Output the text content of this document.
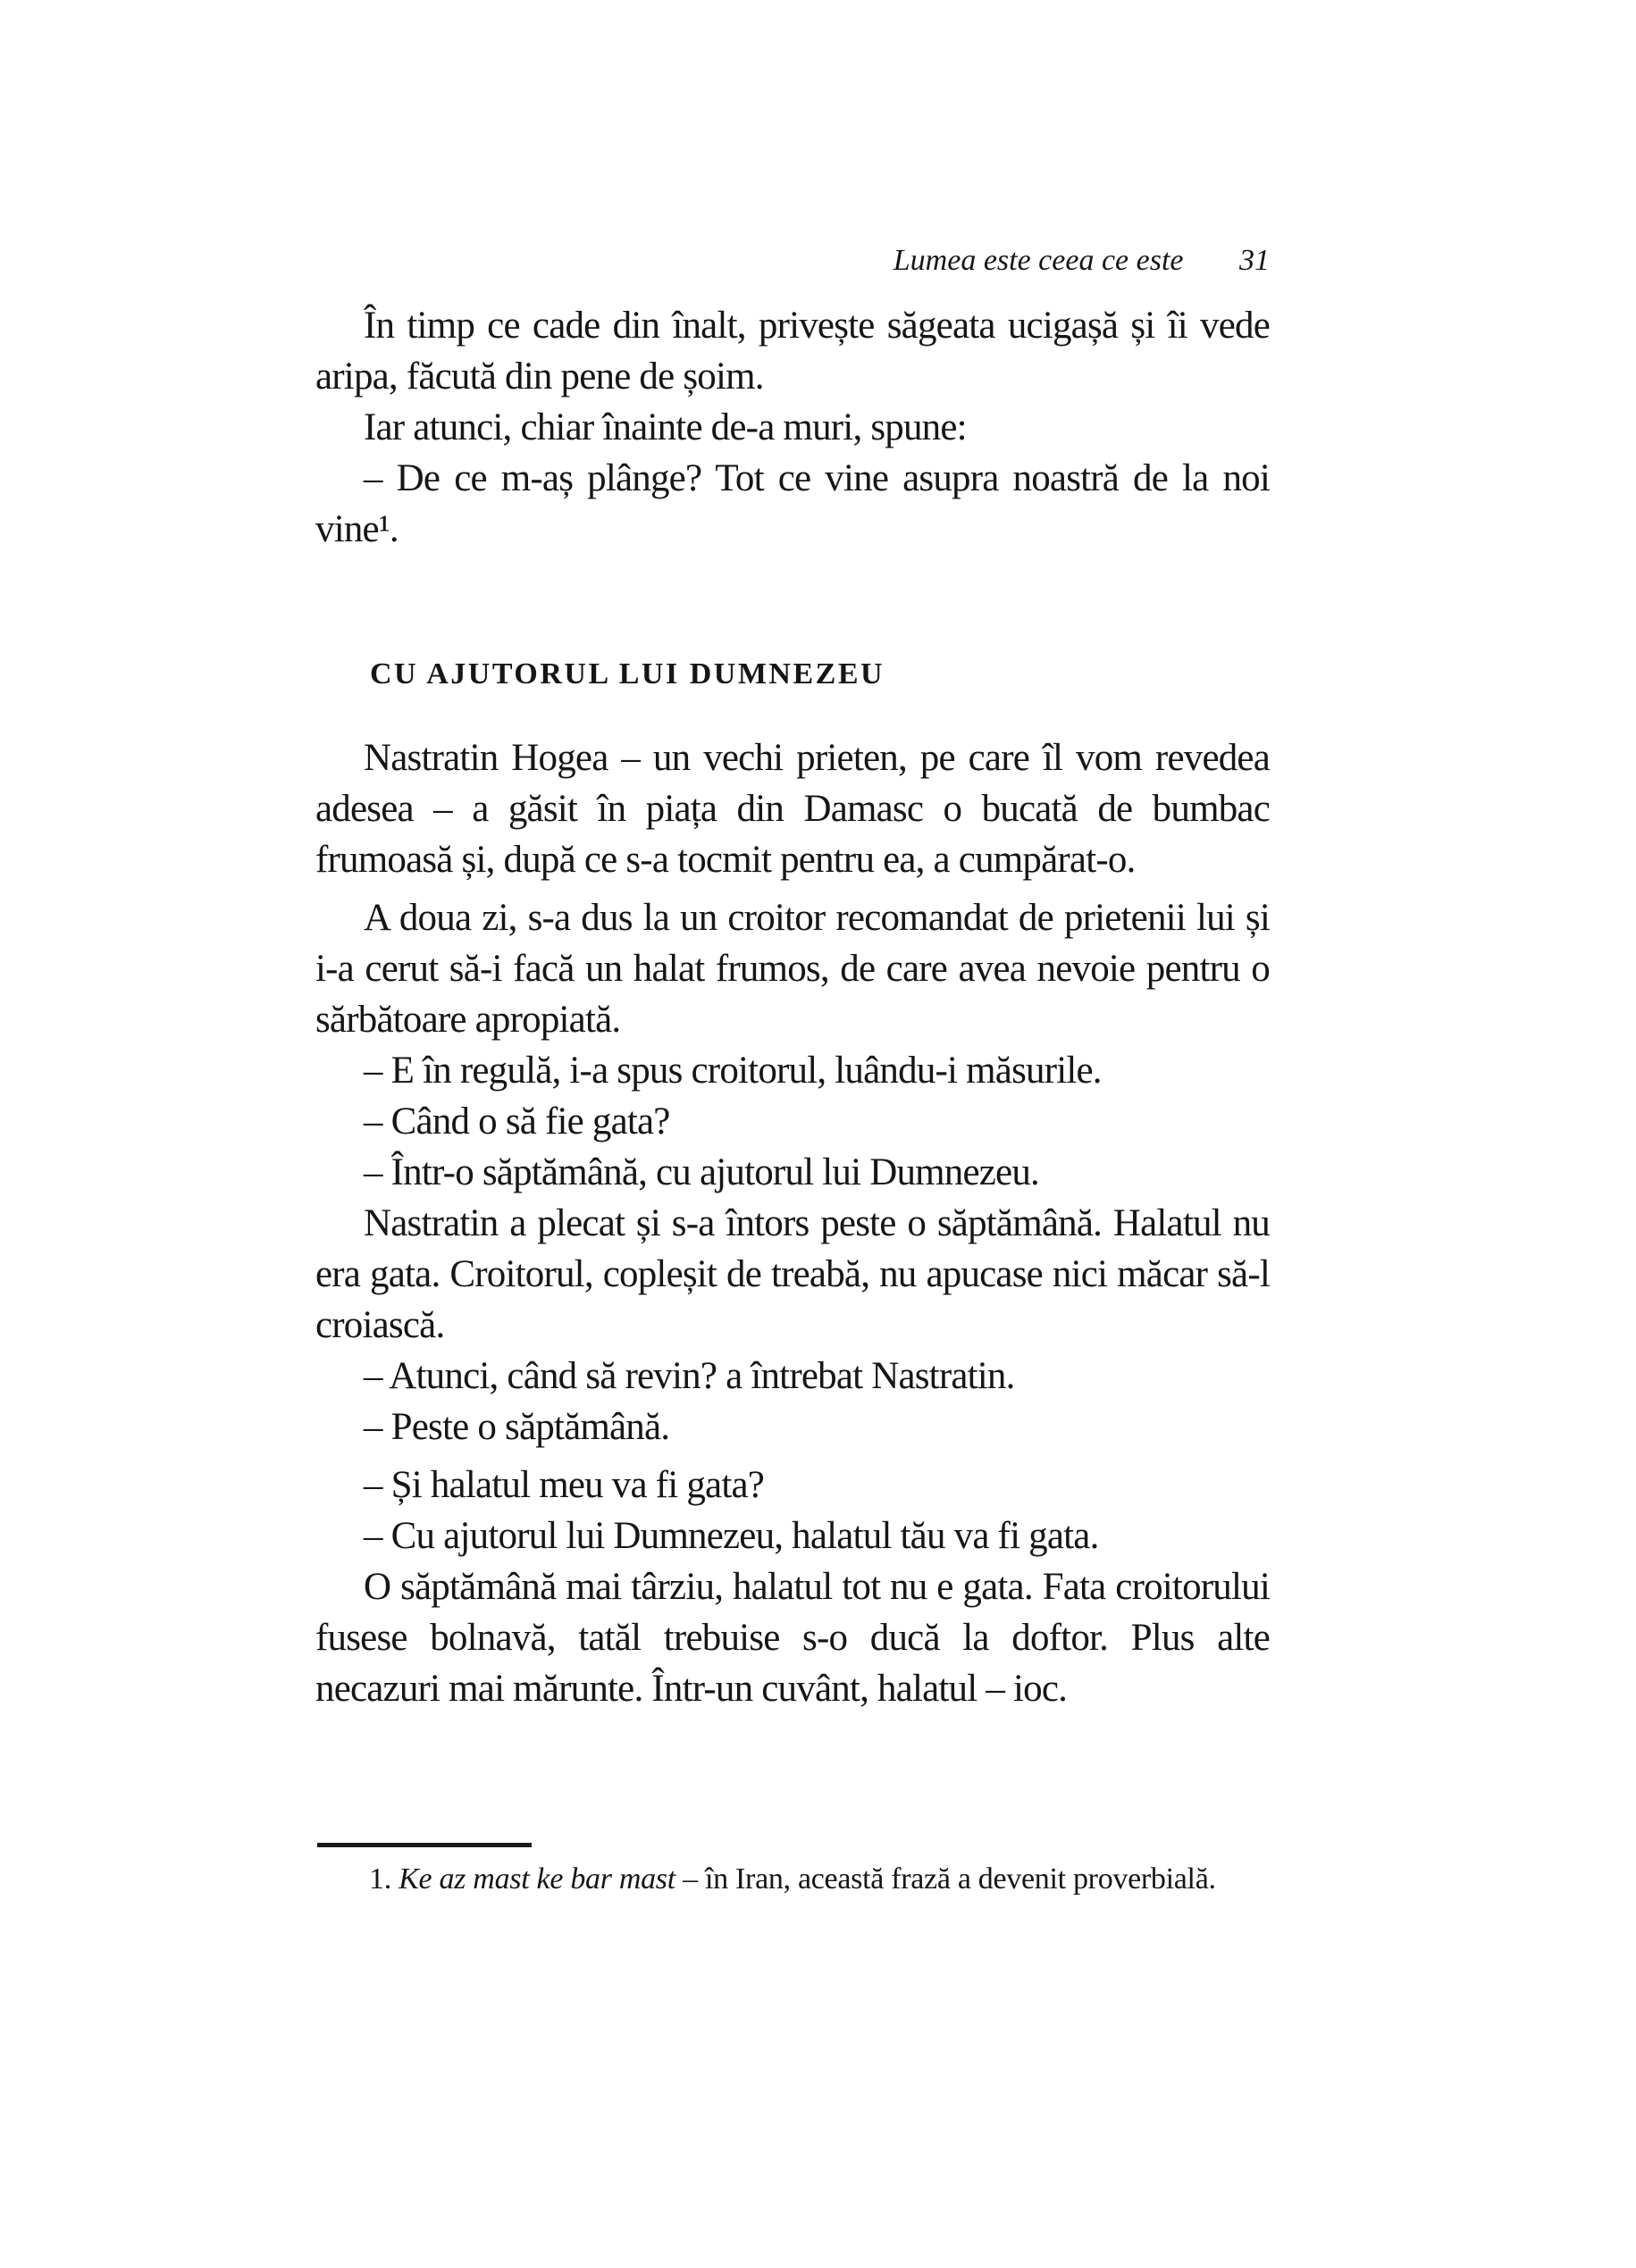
Lumea este ceea ce este 31

În timp ce cade din înalt, privește săgeata ucigașă și îi vede aripa, făcută din pene de șoim.

Iar atunci, chiar înainte de-a muri, spune:

– De ce m-aș plânge? Tot ce vine asupra noastră de la noi vine¹.

CU AJUTORUL LUI DUMNEZEU

Nastratin Hogea – un vechi prieten, pe care îl vom revedea adesea – a găsit în piața din Damasc o bucată de bumbac frumoasă și, după ce s-a tocmit pentru ea, a cumpărat-o.

A doua zi, s-a dus la un croitor recomandat de prietenii lui și i-a cerut să-i facă un halat frumos, de care avea nevoie pentru o sărbătoare apropiată.

– E în regulă, i-a spus croitorul, luându-i măsurile.

– Când o să fie gata?

– Într-o săptămână, cu ajutorul lui Dumnezeu.

Nastratin a plecat și s-a întors peste o săptămână. Halatul nu era gata. Croitorul, copleșit de treabă, nu apucase nici măcar să-l croiască.

– Atunci, când să revin? a întrebat Nastratin.

– Peste o săptămână.

– Și halatul meu va fi gata?

– Cu ajutorul lui Dumnezeu, halatul tău va fi gata.

O săptămână mai târziu, halatul tot nu e gata. Fata croitorului fusese bolnavă, tatăl trebuise s-o ducă la doftor. Plus alte necazuri mai mărunte. Într-un cuvânt, halatul – ioc.

1. Ke az mast ke bar mast – în Iran, această frază a devenit proverbială.
